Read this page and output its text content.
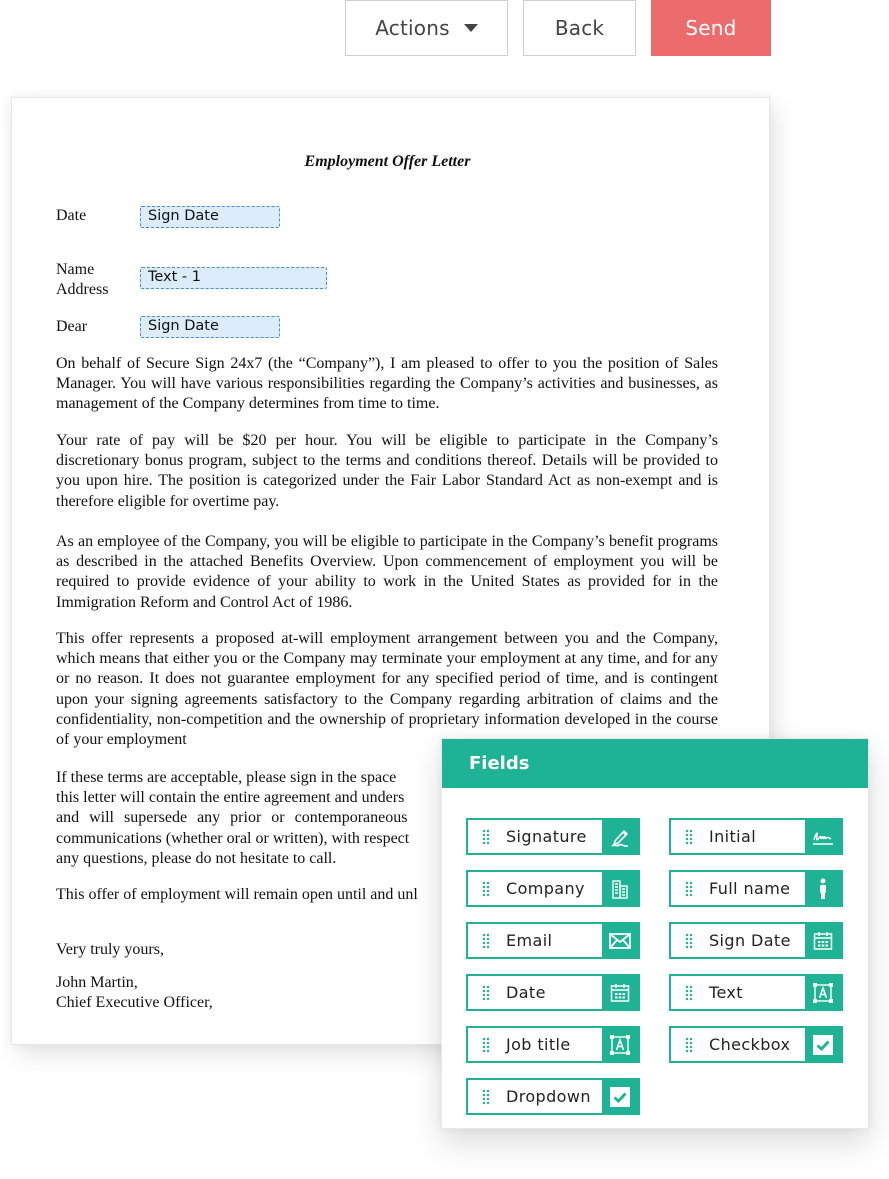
Actions	Back	Send
Employment Offer Letter
Date	Sign Date
Name
Address
Text - 1
Dear	Sign Date

On behalf of Secure Sign 24x7 (the “Company”), I am pleased to offer to you the position of Sales Manager. You will have various responsibilities regarding the Company’s activities and businesses, as management of the Company determines from time to time.

Your rate of pay will be $20 per hour. You will be eligible to participate in the Company’s discretionary bonus program, subject to the terms and conditions thereof. Details will be provided to you upon hire. The position is categorized under the Fair Labor Standard Act as non-exempt and is therefore eligible for overtime pay.

As an employee of the Company, you will be eligible to participate in the Company’s benefit programs as described in the attached Benefits Overview. Upon commencement of employment you will be required to provide evidence of your ability to work in the United States as provided for in the Immigration Reform and Control Act of 1986.

This offer represents a proposed at-will employment arrangement between you and the Company, which means that either you or the Company may terminate your employment at any time, and for any or no reason. It does not guarantee employment for any specified period of time, and is contingent upon your signing agreements satisfactory to the Company regarding arbitration of claims and the confidentiality, non-competition and the ownership of proprietary information developed in the course of your employment

If these terms are acceptable, please sign in the space
this letter will contain the entire agreement and unders
and will supersede any prior or contemporaneous
communications (whether oral or written), with respect
any questions, please do not hesitate to call.
This offer of employment will remain open until and unl
Very truly yours,
John Martin,
Chief Executive Officer,
Fields
Signature	Initial
Company	Full name
Email	Sign Date
Date	Text
Job title	Checkbox
Dropdown
